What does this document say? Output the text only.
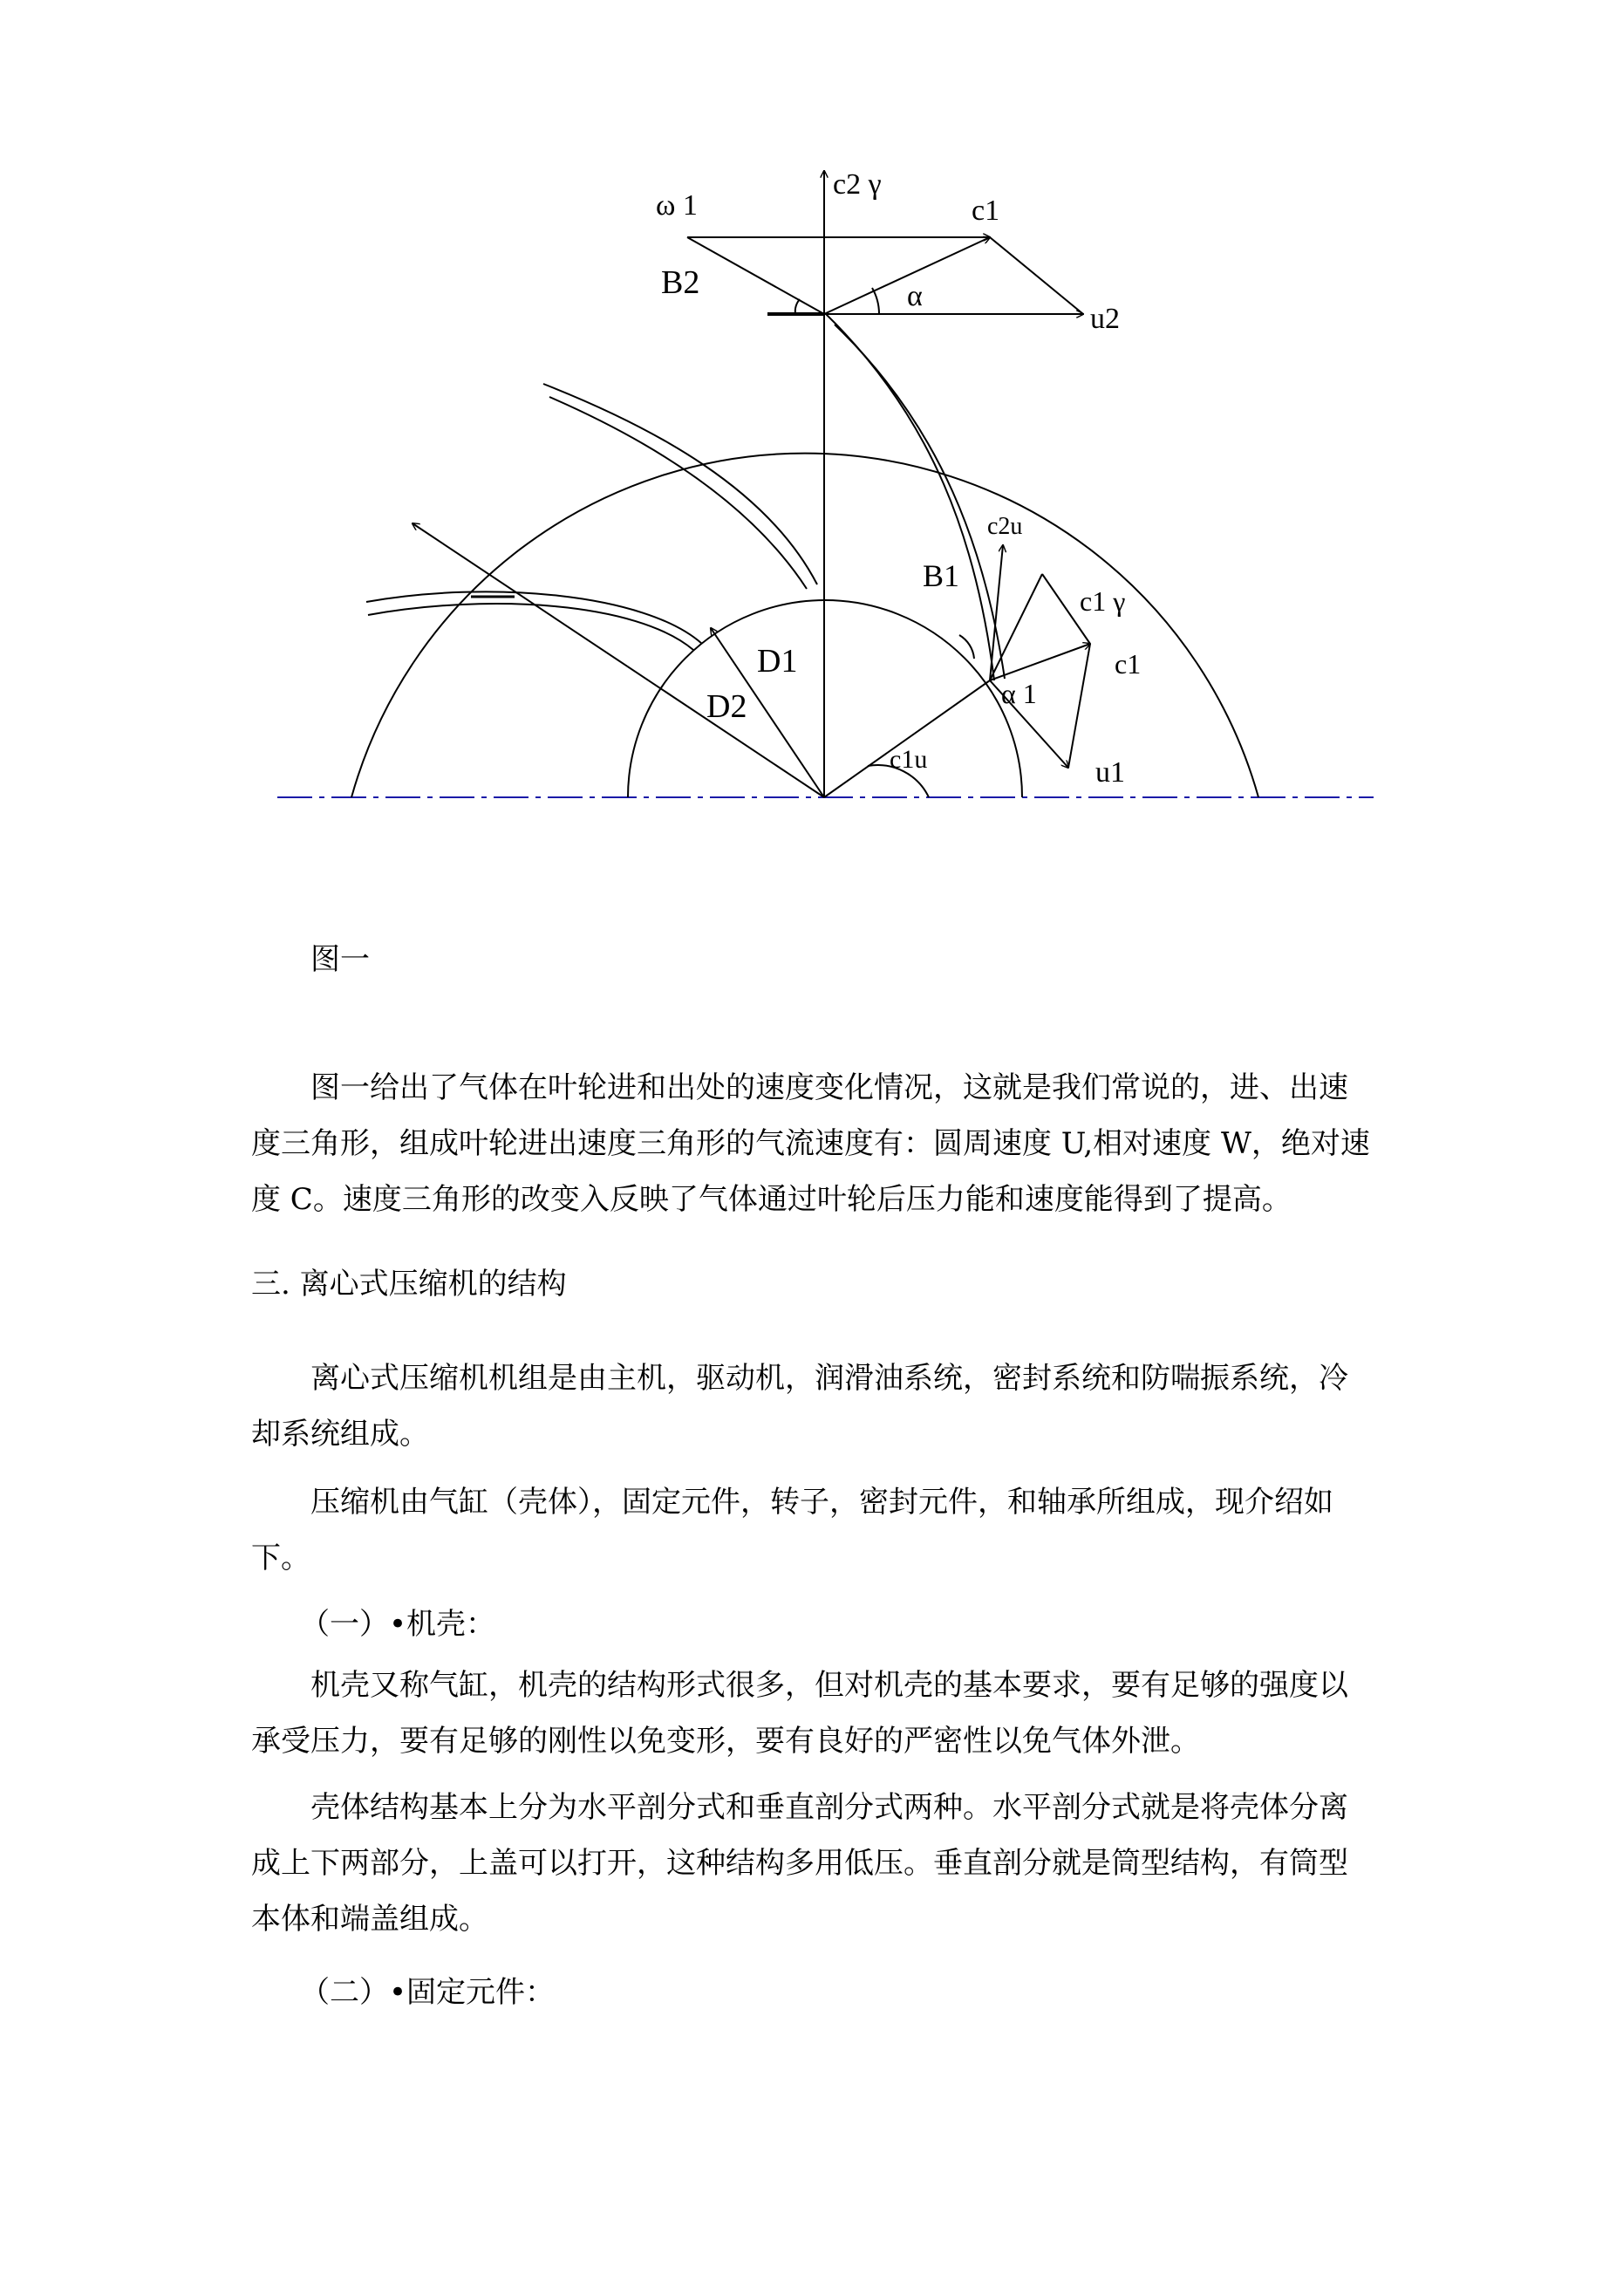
c2 γ
ω 1	c1
B2	α
u2
c2u
B1
c1 γ
c1
D1
D2	α 1
c1u	u1
图一
图一给出了气体在叶轮进和出处的速度变化情况，这就是我们常说的，进、出速
度三角形，组成叶轮进出速度三角形的气流速度有：圆周速度 U,相对速度 W，绝对速
度 C。速度三角形的改变入反映了气体通过叶轮后压力能和速度能得到了提高。
三. 离心式压缩机的结构
离心式压缩机机组是由主机，驱动机，润滑油系统，密封系统和防喘振系统，冷
却系统组成。
压缩机由气缸（壳体），固定元件，转子，密封元件，和轴承所组成，现介绍如
下。
（一）•机壳：
机壳又称气缸，机壳的结构形式很多，但对机壳的基本要求，要有足够的强度以
承受压力，要有足够的刚性以免变形，要有良好的严密性以免气体外泄。
壳体结构基本上分为水平剖分式和垂直剖分式两种。水平剖分式就是将壳体分离
成上下两部分，上盖可以打开，这种结构多用低压。垂直剖分就是筒型结构，有筒型
本体和端盖组成。
（二）•固定元件：
